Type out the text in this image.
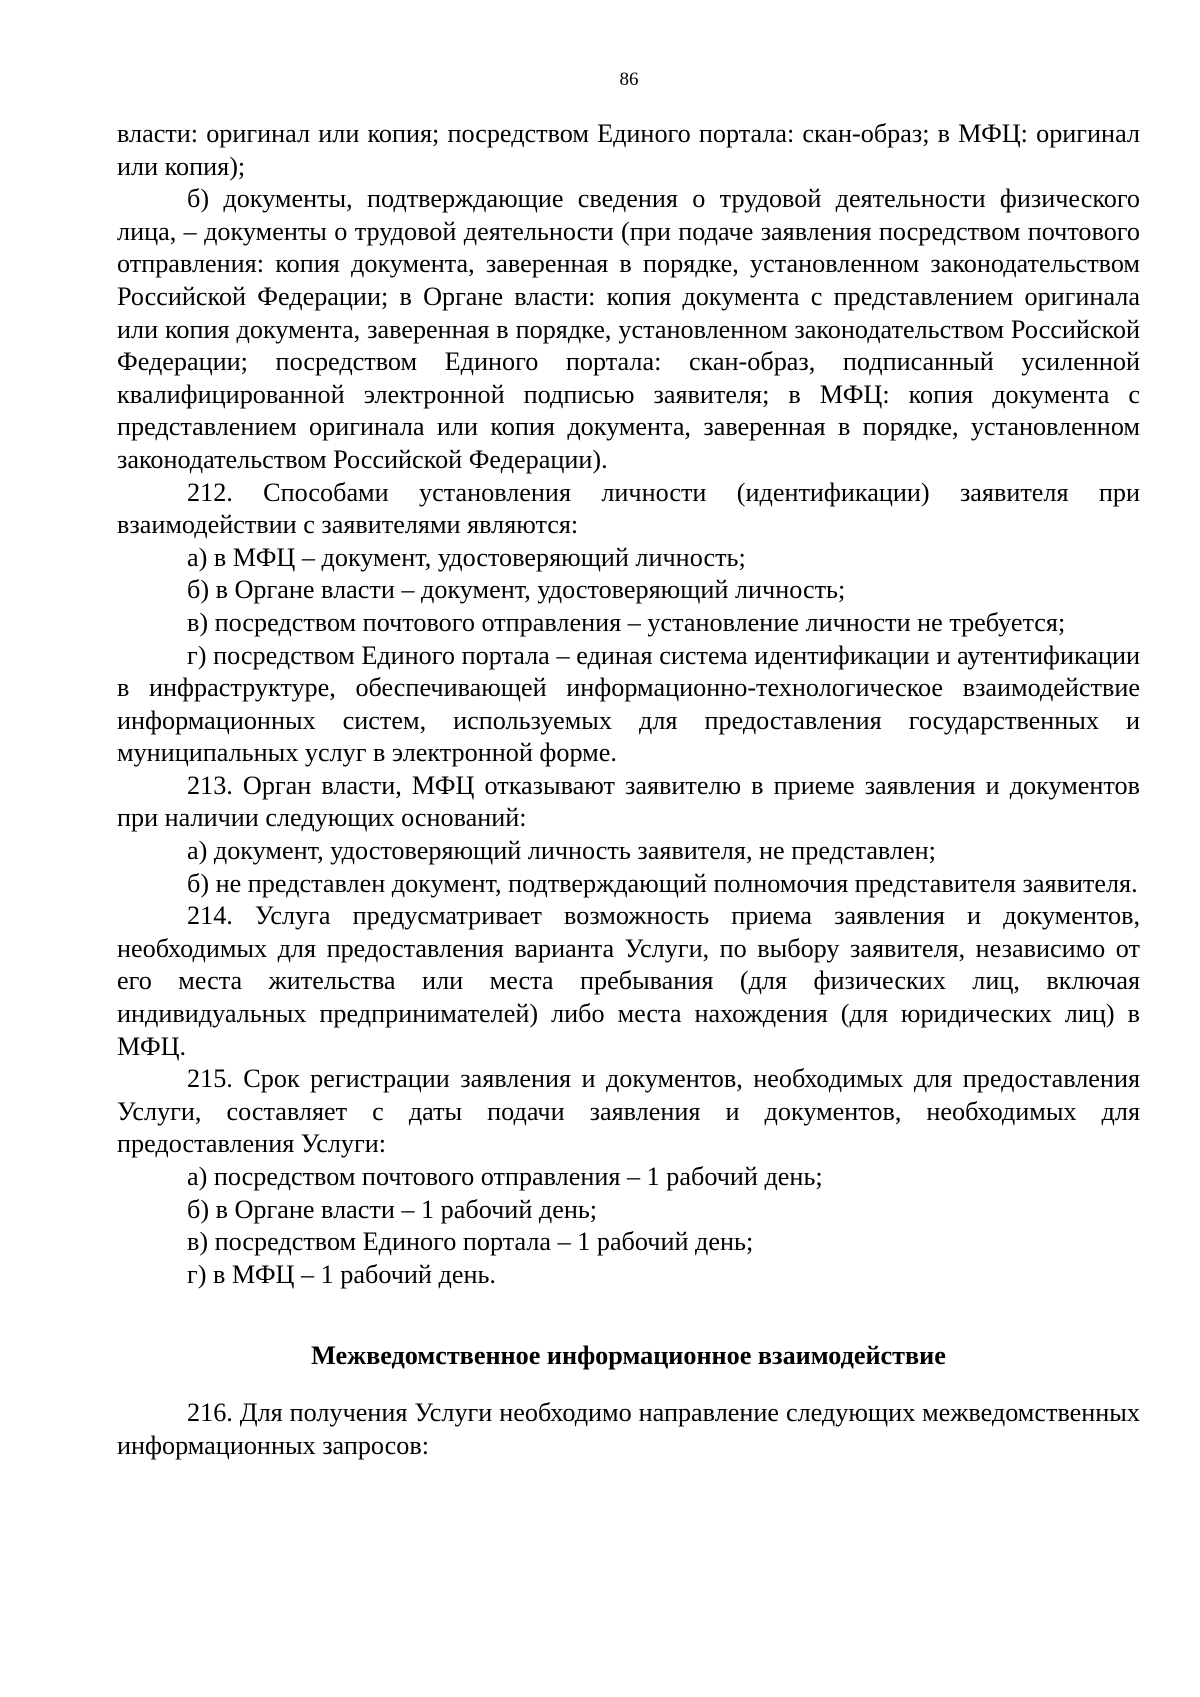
86

власти: оригинал или копия; посредством Единого портала: скан-образ; в МФЦ: оригинал или копия);

б) документы, подтверждающие сведения о трудовой деятельности физического лица, – документы о трудовой деятельности (при подаче заявления посредством почтового отправления: копия документа, заверенная в порядке, установленном законодательством Российской Федерации; в Органе власти: копия документа с представлением оригинала или копия документа, заверенная в порядке, установленном законодательством Российской Федерации; посредством Единого портала: скан-образ, подписанный усиленной квалифицированной электронной подписью заявителя; в МФЦ: копия документа с представлением оригинала или копия документа, заверенная в порядке, установленном законодательством Российской Федерации).

212. Способами установления личности (идентификации) заявителя при взаимодействии с заявителями являются:

а) в МФЦ – документ, удостоверяющий личность;

б) в Органе власти – документ, удостоверяющий личность;

в) посредством почтового отправления – установление личности не требуется;

г) посредством Единого портала – единая система идентификации и аутентификации в инфраструктуре, обеспечивающей информационно-технологическое взаимодействие информационных систем, используемых для предоставления государственных и муниципальных услуг в электронной форме.

213. Орган власти, МФЦ отказывают заявителю в приеме заявления и документов при наличии следующих оснований:

а) документ, удостоверяющий личность заявителя, не представлен;

б) не представлен документ, подтверждающий полномочия представителя заявителя.

214. Услуга предусматривает возможность приема заявления и документов, необходимых для предоставления варианта Услуги, по выбору заявителя, независимо от его места жительства или места пребывания (для физических лиц, включая индивидуальных предпринимателей) либо места нахождения (для юридических лиц) в МФЦ.

215. Срок регистрации заявления и документов, необходимых для предоставления Услуги, составляет с даты подачи заявления и документов, необходимых для предоставления Услуги:

а) посредством почтового отправления – 1 рабочий день;

б) в Органе власти – 1 рабочий день;

в) посредством Единого портала – 1 рабочий день;

г) в МФЦ – 1 рабочий день.

Межведомственное информационное взаимодействие

216. Для получения Услуги необходимо направление следующих межведомственных информационных запросов:
